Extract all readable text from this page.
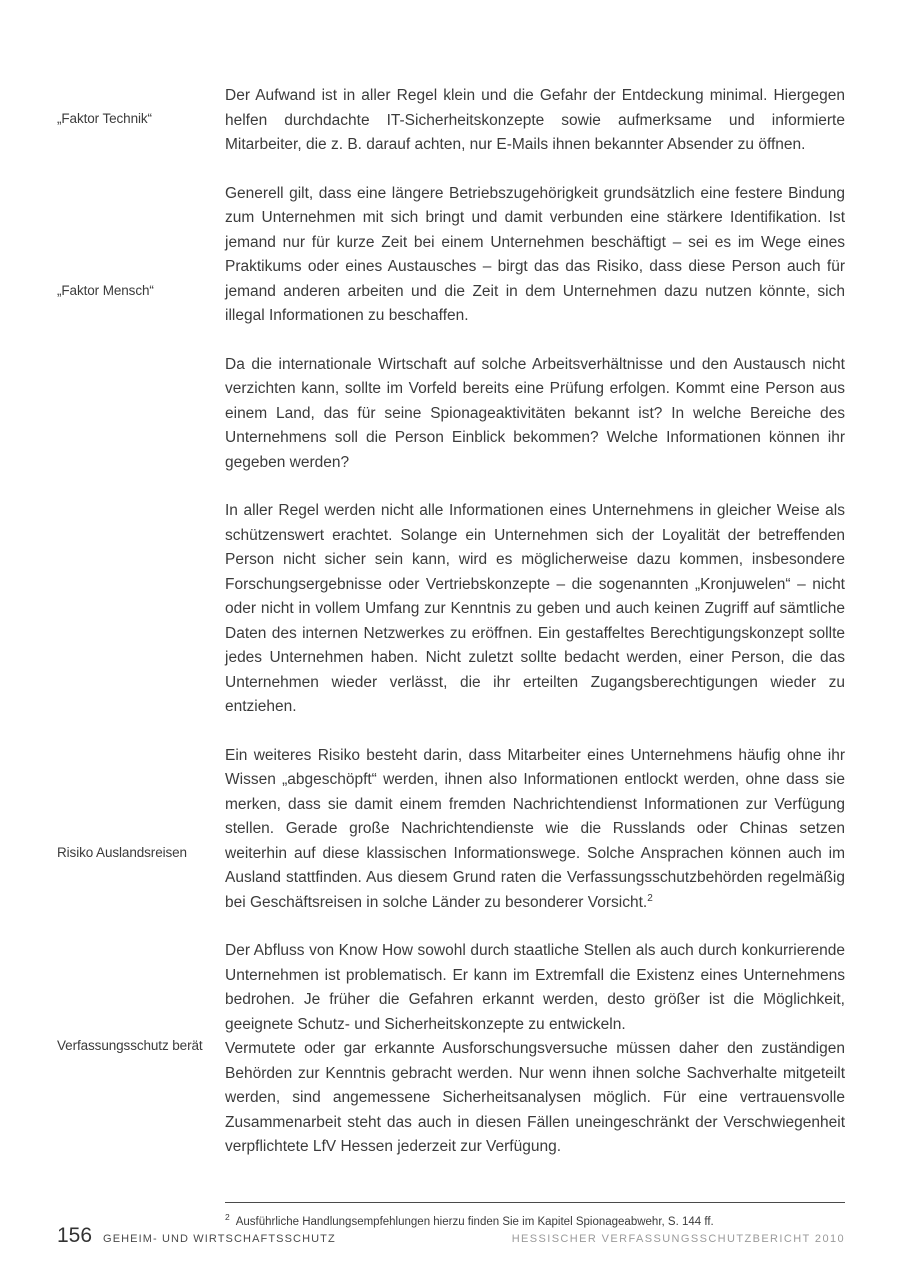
„Faktor Technik“

Der Aufwand ist in aller Regel klein und die Gefahr der Entdeckung minimal. Hiergegen helfen durchdachte IT-Sicherheitskonzepte sowie aufmerksame und informierte Mitarbeiter, die z. B. darauf achten, nur E-Mails ihnen bekannter Absender zu öffnen.

„Faktor Mensch“

Generell gilt, dass eine längere Betriebszugehörigkeit grundsätzlich eine festere Bindung zum Unternehmen mit sich bringt und damit verbunden eine stärkere Identifikation. Ist jemand nur für kurze Zeit bei einem Unternehmen beschäftigt – sei es im Wege eines Praktikums oder eines Austausches – birgt das das Risiko, dass diese Person auch für jemand anderen arbeiten und die Zeit in dem Unternehmen dazu nutzen könnte, sich illegal Informationen zu beschaffen.

Da die internationale Wirtschaft auf solche Arbeitsverhältnisse und den Austausch nicht verzichten kann, sollte im Vorfeld bereits eine Prüfung erfolgen. Kommt eine Person aus einem Land, das für seine Spionageaktivitäten bekannt ist? In welche Bereiche des Unternehmens soll die Person Einblick bekommen? Welche Informationen können ihr gegeben werden?

In aller Regel werden nicht alle Informationen eines Unternehmens in gleicher Weise als schützenswert erachtet. Solange ein Unternehmen sich der Loyalität der betreffenden Person nicht sicher sein kann, wird es möglicherweise dazu kommen, insbesondere Forschungsergebnisse oder Vertriebskonzepte – die sogenannten „Kronjuwelen“ – nicht oder nicht in vollem Umfang zur Kenntnis zu geben und auch keinen Zugriff auf sämtliche Daten des internen Netzwerkes zu eröffnen. Ein gestaffeltes Berechtigungskonzept sollte jedes Unternehmen haben. Nicht zuletzt sollte bedacht werden, einer Person, die das Unternehmen wieder verlässt, die ihr erteilten Zugangsberechtigungen wieder zu entziehen.

Risiko Auslandsreisen

Ein weiteres Risiko besteht darin, dass Mitarbeiter eines Unternehmens häufig ohne ihr Wissen „abgeschöpft“ werden, ihnen also Informationen entlockt werden, ohne dass sie merken, dass sie damit einem fremden Nachrichtendienst Informationen zur Verfügung stellen. Gerade große Nachrichtendienste wie die Russlands oder Chinas setzen weiterhin auf diese klassischen Informationswege. Solche Ansprachen können auch im Ausland stattfinden. Aus diesem Grund raten die Verfassungsschutzbehörden regelmäßig bei Geschäftsreisen in solche Länder zu besonderer Vorsicht.$^2$

Der Abfluss von Know How sowohl durch staatliche Stellen als auch durch konkurrierende Unternehmen ist problematisch. Er kann im Extremfall die Existenz eines Unternehmens bedrohen. Je früher die Gefahren erkannt werden, desto größer ist die Möglichkeit, geeignete Schutz- und Sicherheitskonzepte zu entwickeln.

Verfassungsschutz berät	Vermutete oder gar erkannte Ausforschungsversuche müssen daher den zuständigen Behörden zur Kenntnis gebracht werden. Nur wenn ihnen solche Sachverhalte mitgeteilt werden, sind angemessene Sicherheitsanalysen möglich. Für eine vertrauensvolle Zusammenarbeit steht das auch in diesen Fällen uneingeschränkt der Verschwiegenheit verpflichtete LfV Hessen jederzeit zur Verfügung.

$^2$ Ausführliche Handlungsempfehlungen hierzu finden Sie im Kapitel Spionageabwehr, S. 144 ff.

156 GEHEIM- UND WIRTSCHAFTSSCHUTZ	HESSISCHER VERFASSUNGSSCHUTZBERICHT 2010
